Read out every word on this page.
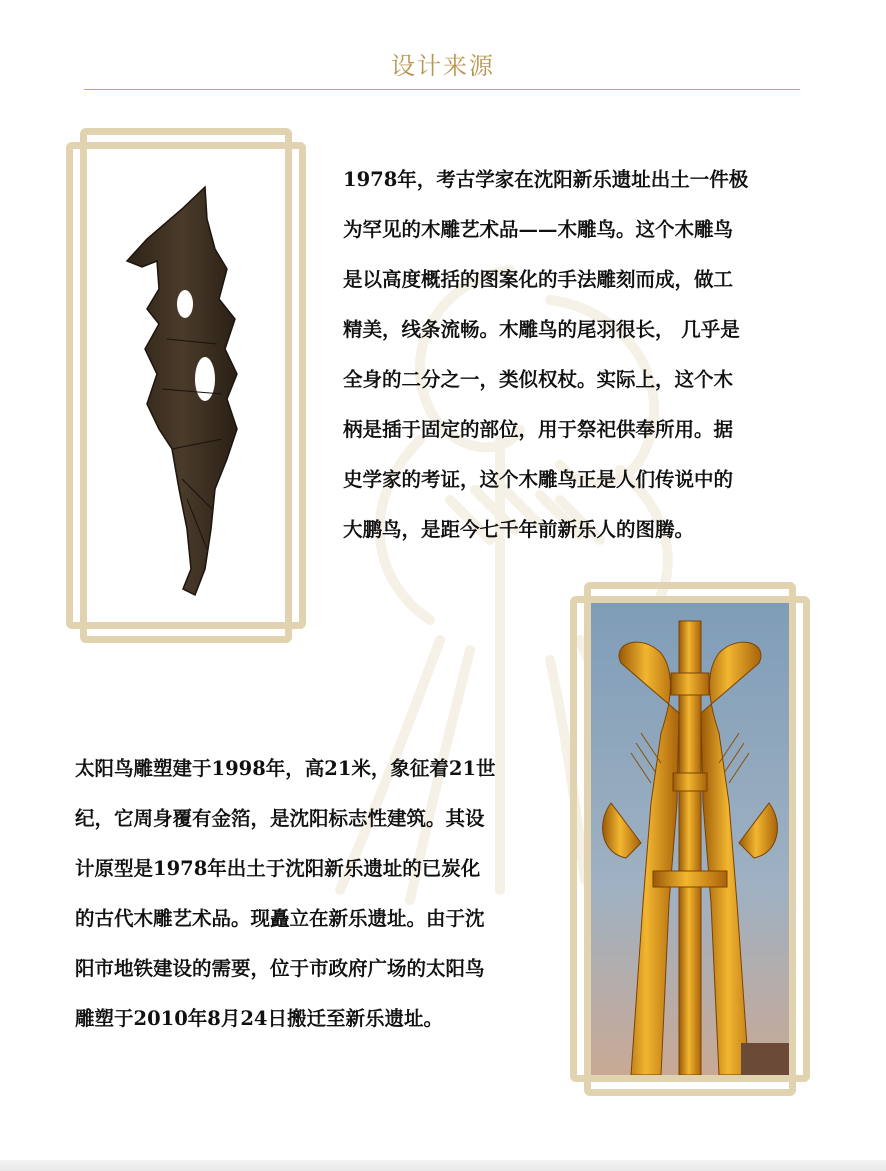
设计来源
1978年，考古学家在沈阳新乐遗址出土一件极
为罕见的木雕艺术品——木雕鸟。这个木雕鸟
是以高度概括的图案化的手法雕刻而成，做工
精美，线条流畅。木雕鸟的尾羽很长， 几乎是
全身的二分之一，类似权杖。实际上，这个木
柄是插于固定的部位，用于祭祀供奉所用。据
史学家的考证，这个木雕鸟正是人们传说中的
大鹏鸟，是距今七千年前新乐人的图腾。
太阳鸟雕塑建于1998年，高21米，象征着21世
纪，它周身覆有金箔，是沈阳标志性建筑。其设
计原型是1978年出土于沈阳新乐遗址的已炭化
的古代木雕艺术品。现矗立在新乐遗址。由于沈
阳市地铁建设的需要，位于市政府广场的太阳鸟
雕塑于2010年8月24日搬迁至新乐遗址。
